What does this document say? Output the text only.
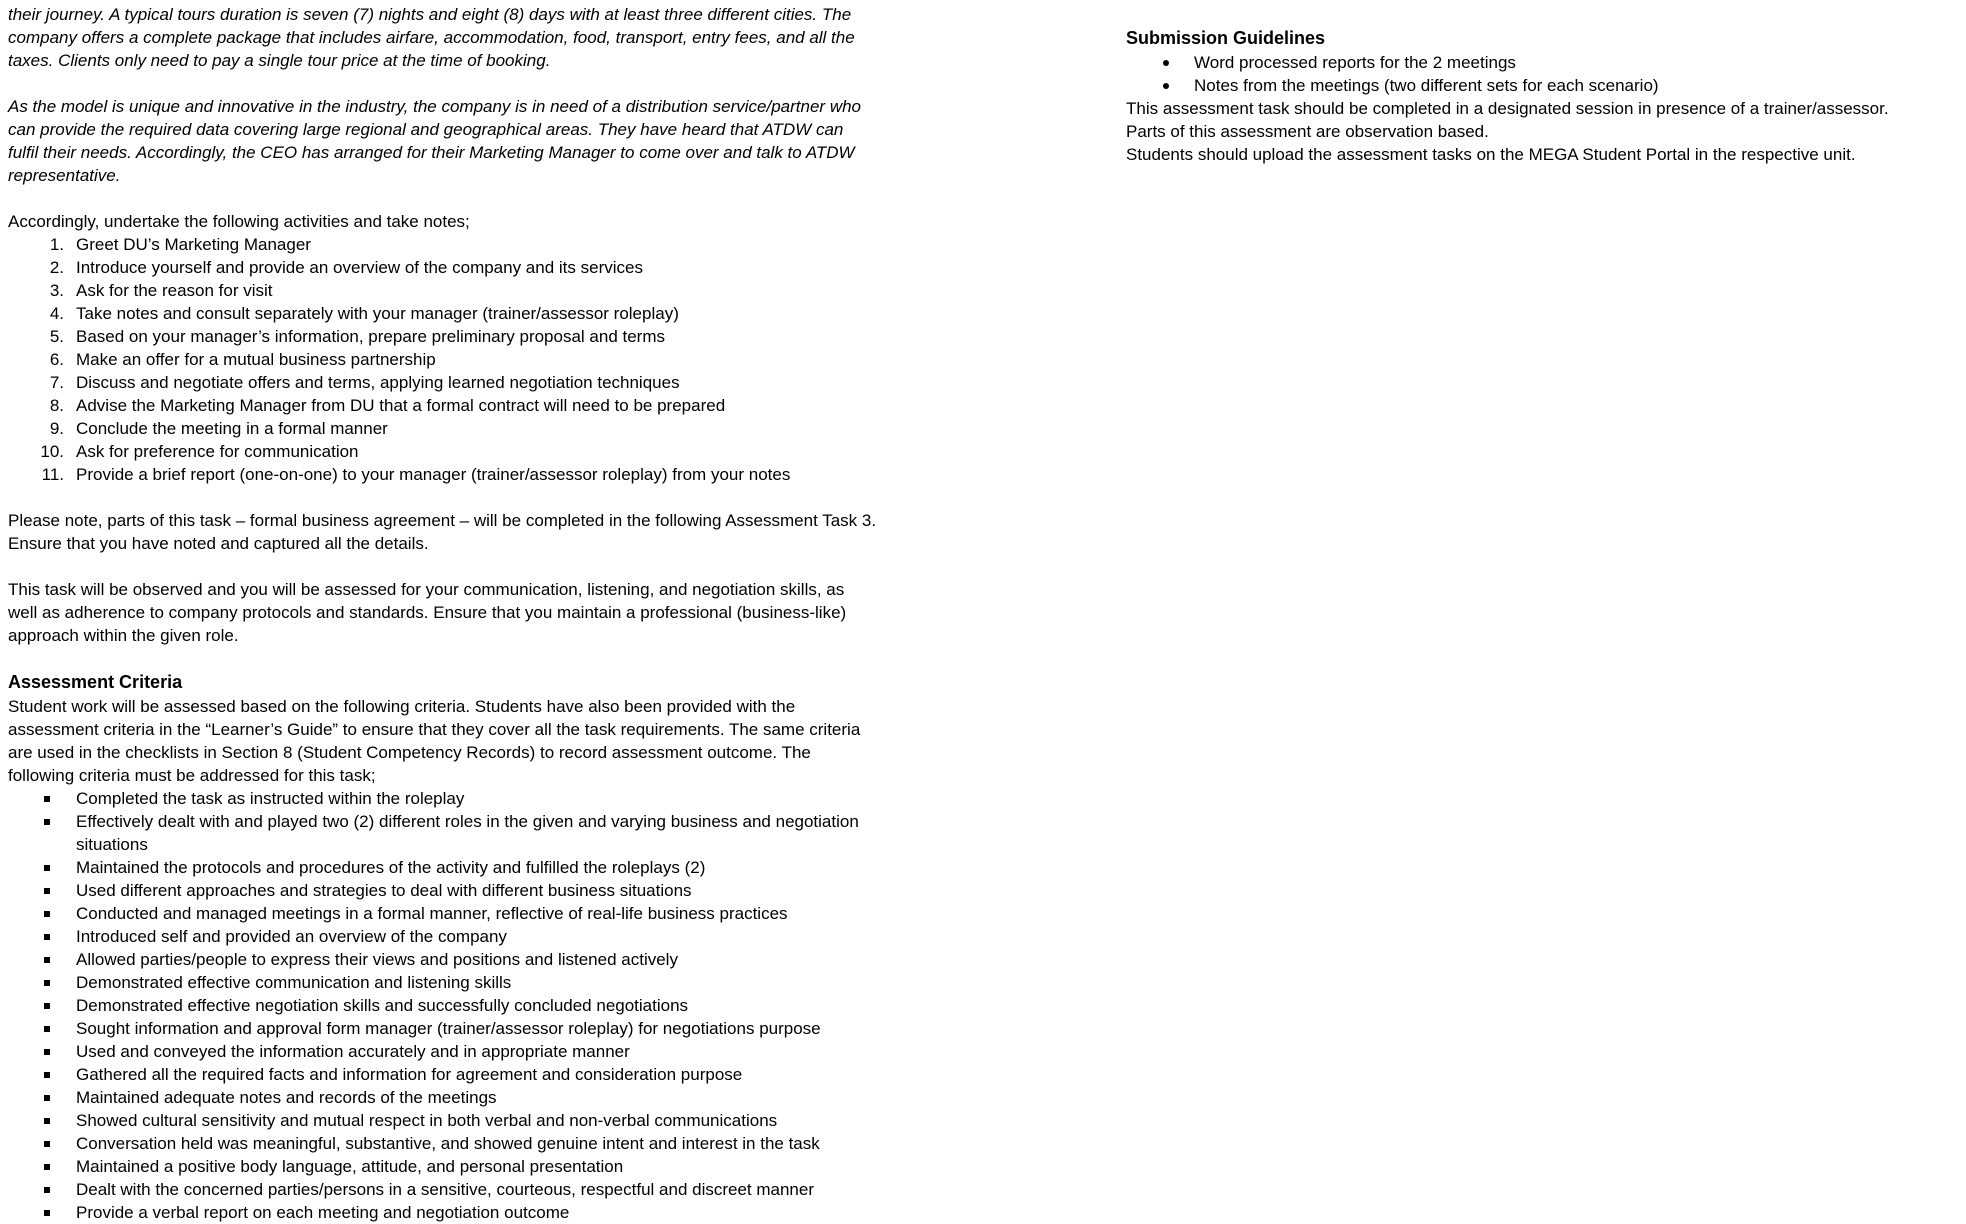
their journey. A typical tours duration is seven (7) nights and eight (8) days with at least three different cities. The company offers a complete package that includes airfare, accommodation, food, transport, entry fees, and all the taxes. Clients only need to pay a single tour price at the time of booking.

As the model is unique and innovative in the industry, the company is in need of a distribution service/partner who can provide the required data covering large regional and geographical areas. They have heard that ATDW can fulfil their needs. Accordingly, the CEO has arranged for their Marketing Manager to come over and talk to ATDW representative.

Accordingly, undertake the following activities and take notes;

1. Greet DU’s Marketing Manager
2. Introduce yourself and provide an overview of the company and its services
3. Ask for the reason for visit
4. Take notes and consult separately with your manager (trainer/assessor roleplay)
5. Based on your manager’s information, prepare preliminary proposal and terms
6. Make an offer for a mutual business partnership
7. Discuss and negotiate offers and terms, applying learned negotiation techniques
8. Advise the Marketing Manager from DU that a formal contract will need to be prepared
9. Conclude the meeting in a formal manner
10. Ask for preference for communication
11. Provide a brief report (one-on-one) to your manager (trainer/assessor roleplay) from your notes

Please note, parts of this task – formal business agreement – will be completed in the following Assessment Task 3. Ensure that you have noted and captured all the details.

This task will be observed and you will be assessed for your communication, listening, and negotiation skills, as well as adherence to company protocols and standards. Ensure that you maintain a professional (business-like) approach within the given role.

Assessment Criteria

Student work will be assessed based on the following criteria. Students have also been provided with the assessment criteria in the “Learner’s Guide” to ensure that they cover all the task requirements. The same criteria are used in the checklists in Section 8 (Student Competency Records) to record assessment outcome. The following criteria must be addressed for this task;

Completed the task as instructed within the roleplay
Effectively dealt with and played two (2) different roles in the given and varying business and negotiation situations
Maintained the protocols and procedures of the activity and fulfilled the roleplays (2)
Used different approaches and strategies to deal with different business situations
Conducted and managed meetings in a formal manner, reflective of real-life business practices
Introduced self and provided an overview of the company
Allowed parties/people to express their views and positions and listened actively
Demonstrated effective communication and listening skills
Demonstrated effective negotiation skills and successfully concluded negotiations
Sought information and approval form manager (trainer/assessor roleplay) for negotiations purpose
Used and conveyed the information accurately and in appropriate manner
Gathered all the required facts and information for agreement and consideration purpose
Maintained adequate notes and records of the meetings
Showed cultural sensitivity and mutual respect in both verbal and non-verbal communications
Conversation held was meaningful, substantive, and showed genuine intent and interest in the task
Maintained a positive body language, attitude, and personal presentation
Dealt with the concerned parties/persons in a sensitive, courteous, respectful and discreet manner
Provide a verbal report on each meeting and negotiation outcome
Submission Guidelines
Word processed reports for the 2 meetings
Notes from the meetings (two different sets for each scenario)

This assessment task should be completed in a designated session in presence of a trainer/assessor.

Parts of this assessment are observation based.

Students should upload the assessment tasks on the MEGA Student Portal in the respective unit.
